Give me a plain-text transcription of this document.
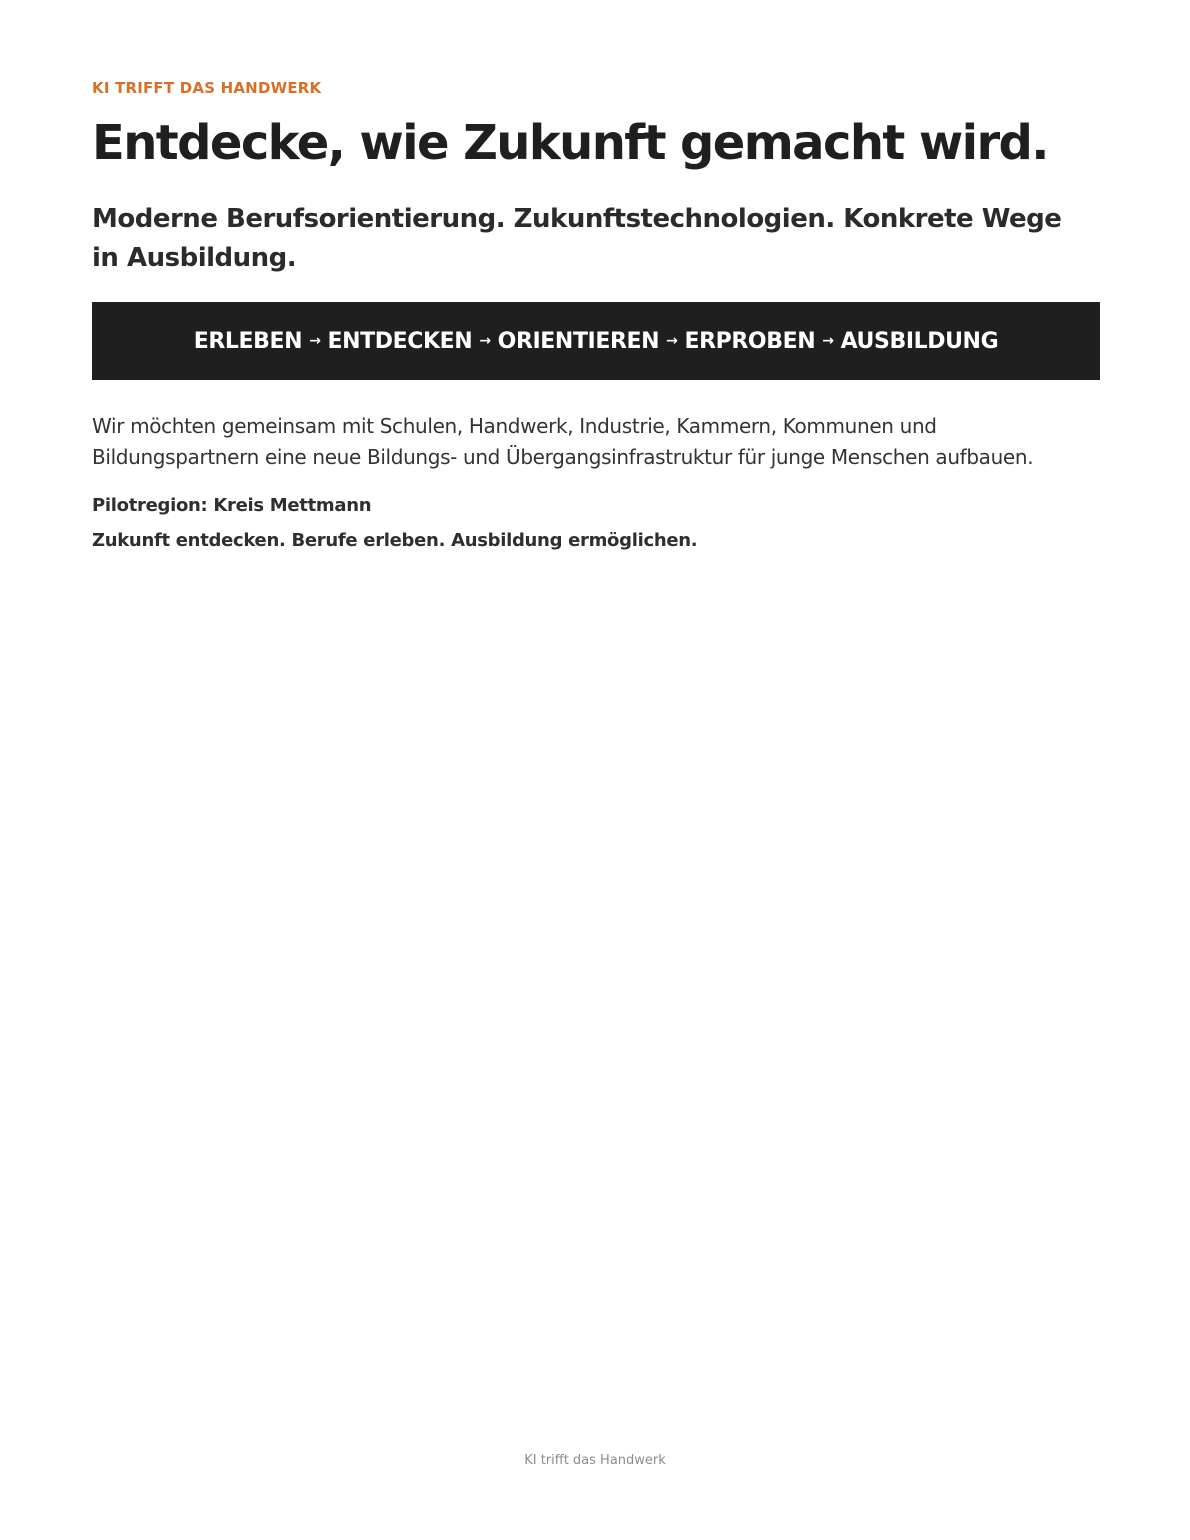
KI TRIFFT DAS HANDWERK
Entdecke, wie Zukunft gemacht wird.

Moderne Berufsorientierung. Zukunftstechnologien. Konkrete Wege in Ausbildung.

ERLEBEN → ENTDECKEN → ORIENTIEREN → ERPROBEN → AUSBILDUNG

Wir möchten gemeinsam mit Schulen, Handwerk, Industrie, Kammern, Kommunen und Bildungspartnern eine neue Bildungs- und Übergangsinfrastruktur für junge Menschen aufbauen.

Pilotregion: Kreis Mettmann

Zukunft entdecken. Berufe erleben. Ausbildung ermöglichen.

KI trifft das Handwerk
